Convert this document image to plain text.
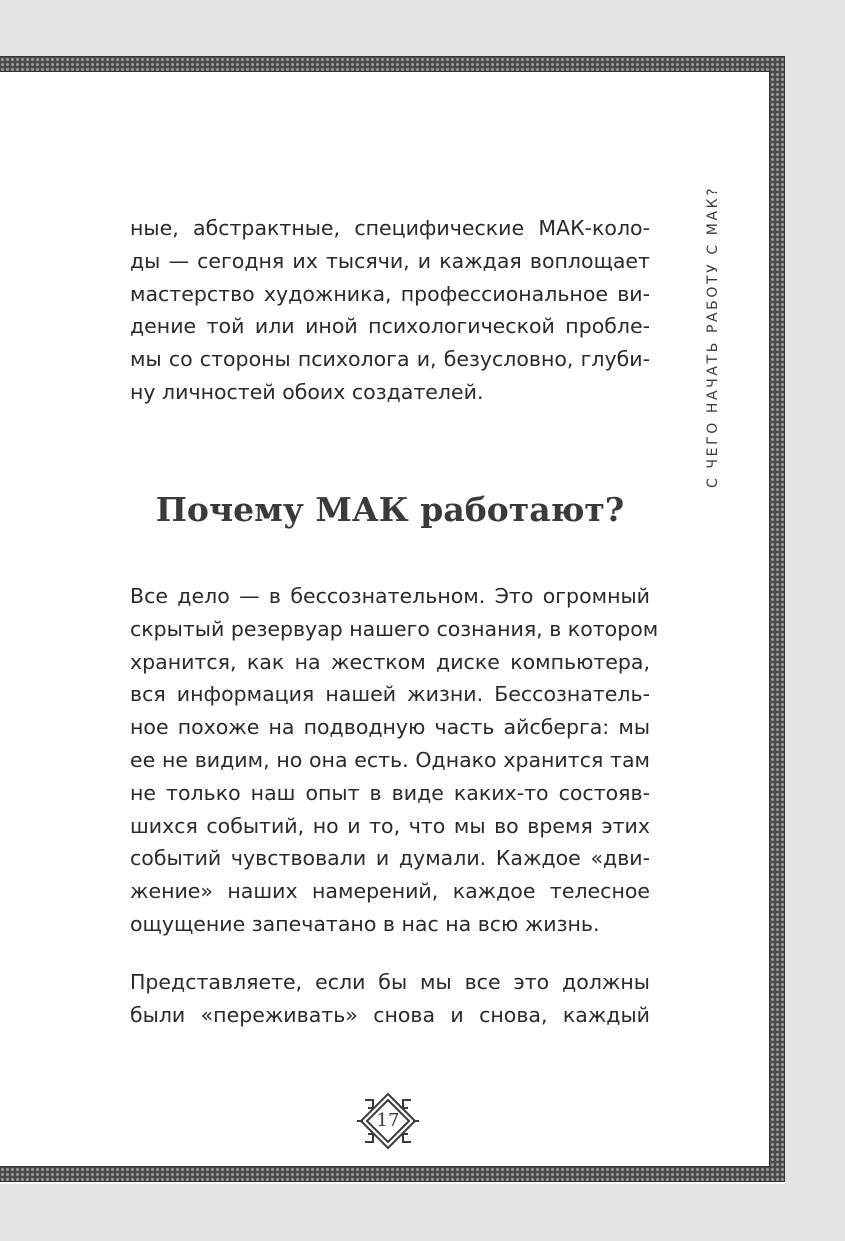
С ЧЕГО НАЧАТЬ РАБОТУ С МАК?
ные, абстрактные, специфические МАК-коло-
ды — сегодня их тысячи, и каждая воплощает
мастерство художника, профессиональное ви-
дение той или иной психологической пробле-
мы со стороны психолога и, безусловно, глуби-
ну личностей обоих создателей.
Почему МАК работают?
Все дело — в бессознательном. Это огромный
скрытый резервуар нашего сознания, в котором
хранится, как на жестком диске компьютера,
вся информация нашей жизни. Бессознатель-
ное похоже на подводную часть айсберга: мы
ее не видим, но она есть. Однако хранится там
не только наш опыт в виде каких-то состояв-
шихся событий, но и то, что мы во время этих
событий чувствовали и думали. Каждое «дви-
жение» наших намерений, каждое телесное
ощущение запечатано в нас на всю жизнь.
Представляете, если бы мы все это должны
были «переживать» снова и снова, каждый
17
